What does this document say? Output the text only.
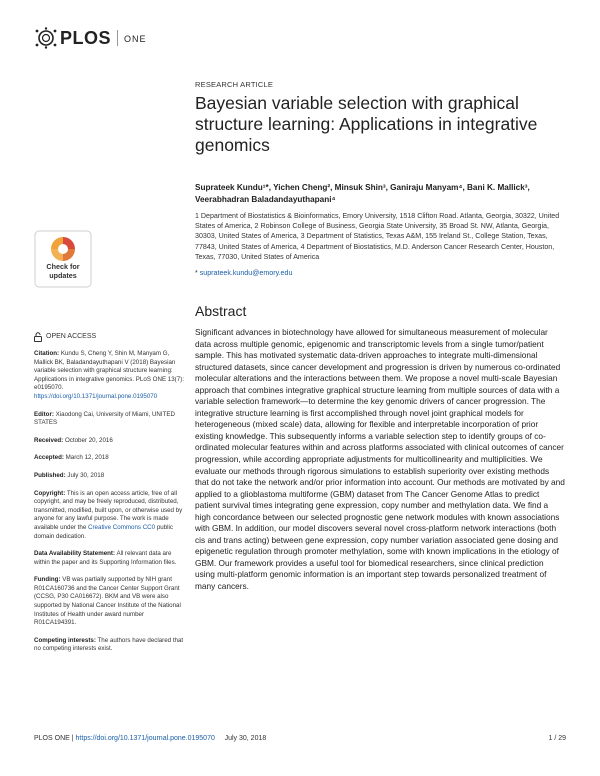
PLOS ONE
RESEARCH ARTICLE
Bayesian variable selection with graphical structure learning: Applications in integrative genomics
Suprateek Kundu¹*, Yichen Cheng², Minsuk Shin³, Ganiraju Manyam⁴, Bani K. Mallick³, Veerabhadran Baladandayuthapani⁴
1 Department of Biostatistics & Bioinformatics, Emory University, 1518 Clifton Road. Atlanta, Georgia, 30322, United States of America, 2 Robinson College of Business, Georgia State University, 35 Broad St. NW, Atlanta, Georgia, 30303, United States of America, 3 Department of Statistics, Texas A&M, 155 Ireland St., College Station, Texas, 77843, United States of America, 4 Department of Biostatistics, M.D. Anderson Cancer Research Center, Houston, Texas, 77030, United States of America
* suprateek.kundu@emory.edu
Check for updates
OPEN ACCESS
Citation: Kundu S, Cheng Y, Shin M, Manyam G, Mallick BK, Baladandayuthapani V (2018) Bayesian variable selection with graphical structure learning: Applications in integrative genomics. PLoS ONE 13(7): e0195070. https://doi.org/10.1371/journal.pone.0195070
Editor: Xiaodong Cai, University of Miami, UNITED STATES
Received: October 20, 2016
Accepted: March 12, 2018
Published: July 30, 2018
Copyright: This is an open access article, free of all copyright, and may be freely reproduced, distributed, transmitted, modified, built upon, or otherwise used by anyone for any lawful purpose. The work is made available under the Creative Commons CC0 public domain dedication.
Data Availability Statement: All relevant data are within the paper and its Supporting Information files.
Funding: VB was partially supported by NIH grant R01CA160736 and the Cancer Center Support Grant (CCSG, P30 CA016672). BKM and VB were also supported by National Cancer Institute of the National Institutes of Health under award number R01CA194391.
Competing interests: The authors have declared that no competing interests exist.
Abstract

Significant advances in biotechnology have allowed for simultaneous measurement of molecular data across multiple genomic, epigenomic and transcriptomic levels from a single tumor/patient sample. This has motivated systematic data-driven approaches to integrate multi-dimensional structured datasets, since cancer development and progression is driven by numerous co-ordinated molecular alterations and the interactions between them. We propose a novel multi-scale Bayesian approach that combines integrative graphical structure learning from multiple sources of data with a variable selection framework—to determine the key genomic drivers of cancer progression. The integrative structure learning is first accomplished through novel joint graphical models for heterogeneous (mixed scale) data, allowing for flexible and interpretable incorporation of prior existing knowledge. This subsequently informs a variable selection step to identify groups of co-ordinated molecular features within and across platforms associated with clinical outcomes of cancer progression, while according appropriate adjustments for multicollinearity and multiplicities. We evaluate our methods through rigorous simulations to establish superiority over existing methods that do not take the network and/or prior information into account. Our methods are motivated by and applied to a glioblastoma multiforme (GBM) dataset from The Cancer Genome Atlas to predict patient survival times integrating gene expression, copy number and methylation data. We find a high concordance between our selected prognostic gene network modules with known associations with GBM. In addition, our model discovers several novel cross-platform network interactions (both cis and trans acting) between gene expression, copy number variation associated gene dosing and epigenetic regulation through promoter methylation, some with known implications in the etiology of GBM. Our framework provides a useful tool for biomedical researchers, since clinical prediction using multi-platform genomic information is an important step towards personalized treatment of many cancers.

PLOS ONE | https://doi.org/10.1371/journal.pone.0195070 July 30, 2018	1 / 29
